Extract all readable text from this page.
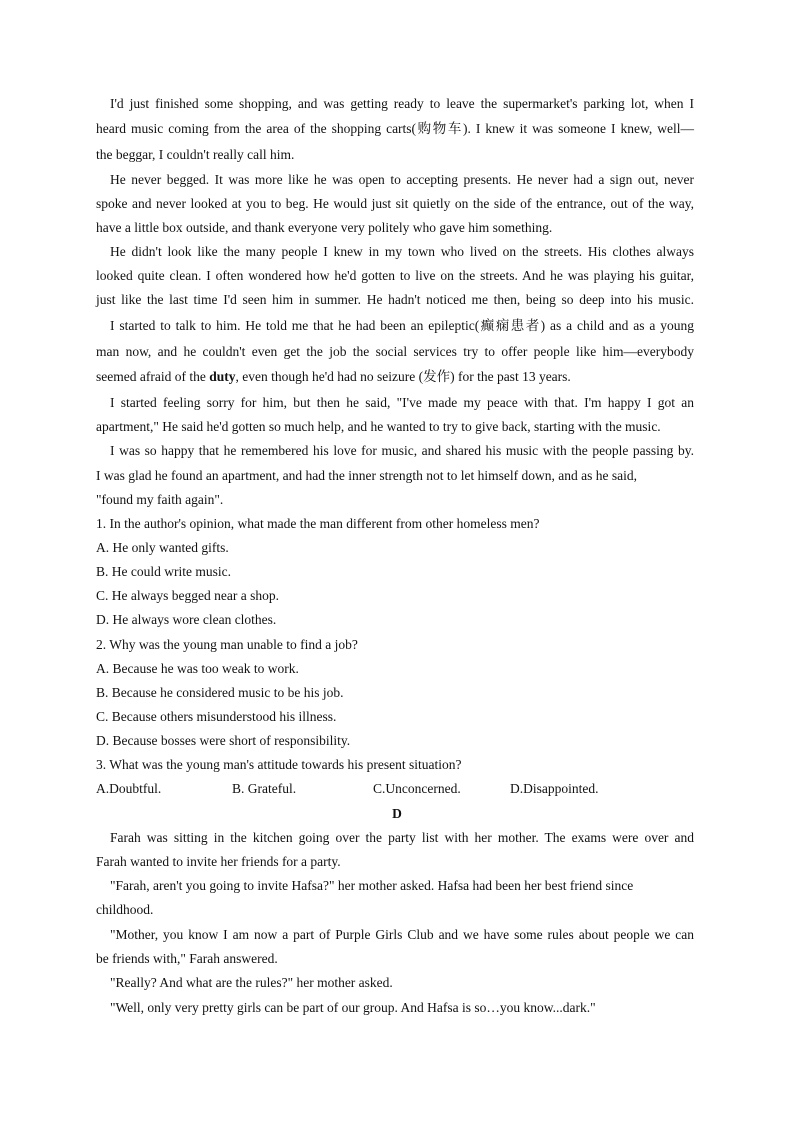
I'd just finished some shopping, and was getting ready to leave the supermarket's parking lot, when I
heard music coming from the area of the shopping carts(购物车). I knew it was someone I knew, well—
the beggar, I couldn't really call him.
He never begged. It was more like he was open to accepting presents. He never had a sign out, never
spoke and never looked at you to beg. He would just sit quietly on the side of the entrance, out of the way,
have a little box outside, and thank everyone very politely who gave him something.
He didn't look like the many people I knew in my town who lived on the streets. His clothes always
looked quite clean. I often wondered how he'd gotten to live on the streets. And he was playing his guitar,
just like the last time I'd seen him in summer. He hadn't noticed me then, being so deep into his music.
I started to talk to him. He told me that he had been an epileptic(癫痫患者) as a child and as a young
man now, and he couldn't even get the job the social services try to offer people like him—everybody
seemed afraid of the duty, even though he'd had no seizure (发作) for the past 13 years.
I started feeling sorry for him, but then he said, "I've made my peace with that. I'm happy I got an
apartment," He said he'd gotten so much help, and he wanted to try to give back, starting with the music.
I was so happy that he remembered his love for music, and shared his music with the people passing by.
I was glad he found an apartment, and had the inner strength not to let himself down, and as he said,
"found my faith again".
1. In the author's opinion, what made the man different from other homeless men?
A. He only wanted gifts.
B. He could write music.
C. He always begged near a shop.
D. He always wore clean clothes.
2. Why was the young man unable to find a job?
A. Because he was too weak to work.
B. Because he considered music to be his job.
C. Because others misunderstood his illness.
D. Because bosses were short of responsibility.
3. What was the young man's attitude towards his present situation?
A.Doubtful.	B. Grateful.	C.Unconcerned.	D.Disappointed.
D
Farah was sitting in the kitchen going over the party list with her mother. The exams were over and
Farah wanted to invite her friends for a party.
"Farah, aren't you going to invite Hafsa?" her mother asked. Hafsa had been her best friend since
childhood.
"Mother, you know I am now a part of Purple Girls Club and we have some rules about people we can
be friends with," Farah answered.
"Really? And what are the rules?" her mother asked.
"Well, only very pretty girls can be part of our group. And Hafsa is so…you know...dark."
